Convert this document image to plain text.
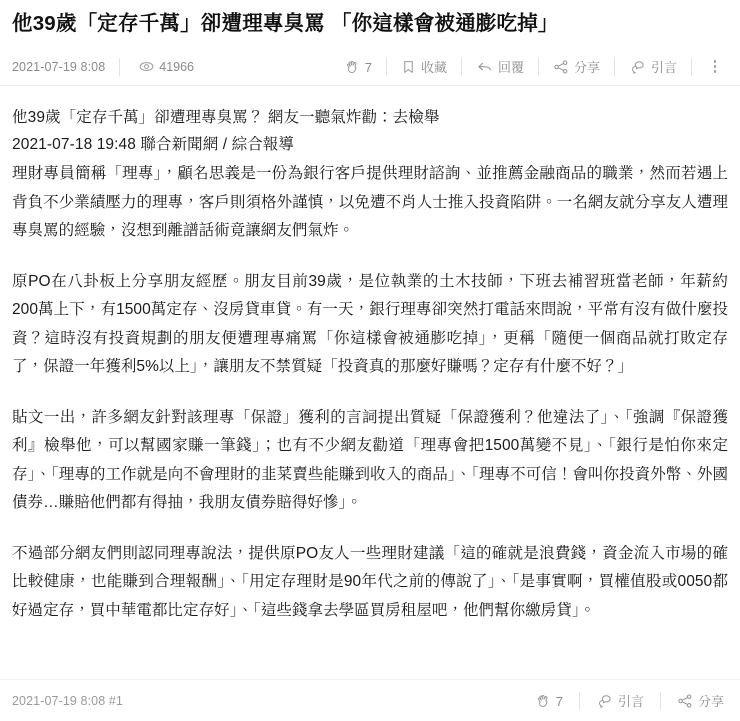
他39歲「定存千萬」卻遭理專臭罵 「你這樣會被通膨吃掉」
2021-07-19 8:08	41966	7	收藏	回覆	分享	引言
他39歲「定存千萬」卻遭理專臭罵？ 網友一聽氣炸勸：去檢舉
2021-07-18 19:48 聯合新聞網 / 綜合報導

理財專員簡稱「理專」，顧名思義是一份為銀行客戶提供理財諮詢、並推薦金融商品的職業，然而若遇上背負不少業績壓力的理專，客戶則須格外謹慎，以免遭不肖人士推入投資陷阱。一名網友就分享友人遭理專臭罵的經驗，沒想到離譜話術竟讓網友們氣炸。

原PO在八卦板上分享朋友經歷。朋友目前39歲，是位執業的土木技師，下班去補習班當老師，年薪約200萬上下，有1500萬定存、沒房貸車貸。有一天，銀行理專卻突然打電話來問說，平常有沒有做什麼投資？這時沒有投資規劃的朋友便遭理專痛罵「你這樣會被通膨吃掉」，更稱「隨便一個商品就打敗定存了，保證一年獲利5%以上」，讓朋友不禁質疑「投資真的那麼好賺嗎？定存有什麼不好？」

貼文一出，許多網友針對該理專「保證」獲利的言詞提出質疑「保證獲利？他違法了」、「強調『保證獲利』檢舉他，可以幫國家賺一筆錢」；也有不少網友勸道「理專會把1500萬變不見」、「銀行是怕你來定存」、「理專的工作就是向不會理財的韭菜賣些能賺到收入的商品」、「理專不可信！會叫你投資外幣、外國債券…賺賠他們都有得抽，我朋友債券賠得好慘」。

不過部分網友們則認同理專說法，提供原PO友人一些理財建議「這的確就是浪費錢，資金流入市場的確比較健康，也能賺到合理報酬」、「用定存理財是90年代之前的傳說了」、「是事實啊，買權值股或0050都好過定存，買中華電都比定存好」、「這些錢拿去學區買房租屋吧，他們幫你繳房貸」。

2021-07-19 8:08 #1	7	引言	分享
